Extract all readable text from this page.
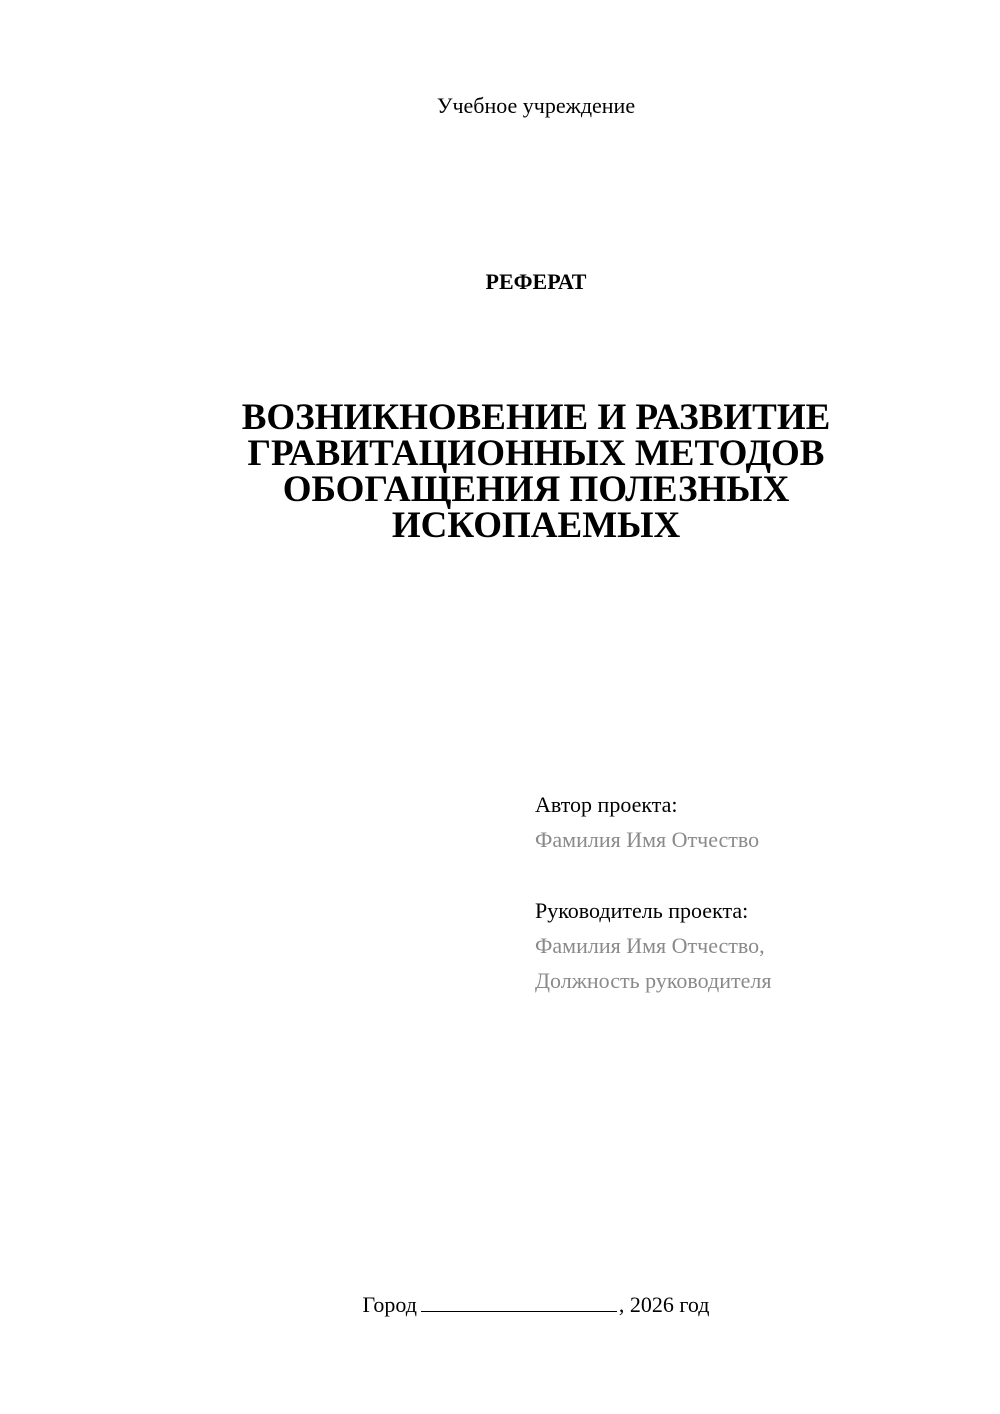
Учебное учреждение
РЕФЕРАТ
ВОЗНИКНОВЕНИЕ И РАЗВИТИЕ
ГРАВИТАЦИОННЫХ МЕТОДОВ
ОБОГАЩЕНИЯ ПОЛЕЗНЫХ
ИСКОПАЕМЫХ
Автор проекта:
Фамилия Имя Отчество
Руководитель проекта:
Фамилия Имя Отчество,
Должность руководителя
Город	, 2026 год
